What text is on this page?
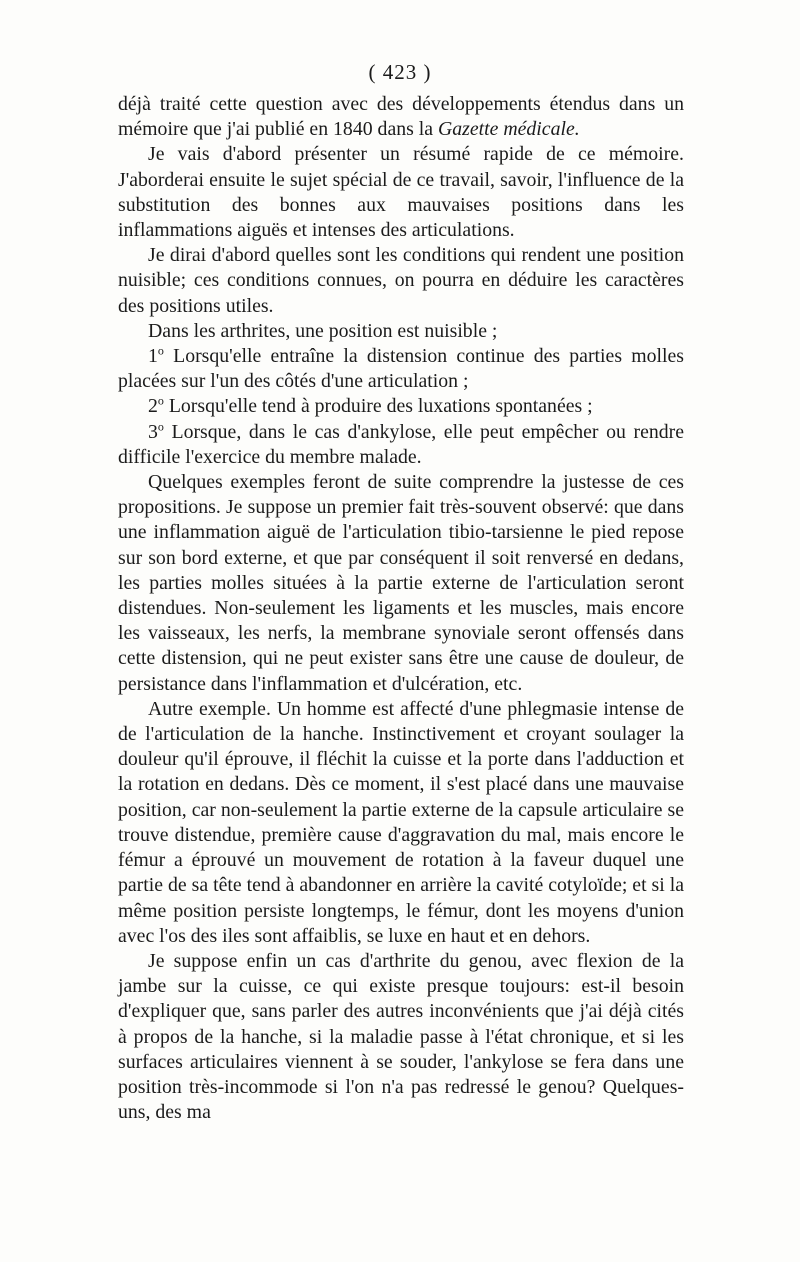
( 423 )

déjà traité cette question avec des développements étendus dans un mémoire que j'ai publié en 1840 dans la Gazette médicale.

Je vais d'abord présenter un résumé rapide de ce mémoire. J'aborderai ensuite le sujet spécial de ce travail, savoir, l'influence de la substitution des bonnes aux mauvaises positions dans les inflammations aiguës et intenses des articulations.

Je dirai d'abord quelles sont les conditions qui rendent une position nuisible; ces conditions connues, on pourra en déduire les caractères des positions utiles.

Dans les arthrites, une position est nuisible ;

1$^o$ Lorsqu'elle entraîne la distension continue des parties molles placées sur l'un des côtés d'une articulation ;

2$^o$ Lorsqu'elle tend à produire des luxations spontanées ;

3$^o$ Lorsque, dans le cas d'ankylose, elle peut empêcher ou rendre difficile l'exercice du membre malade.

Quelques exemples feront de suite comprendre la justesse de ces propositions. Je suppose un premier fait très-souvent observé: que dans une inflammation aiguë de l'articulation tibio-tarsienne le pied repose sur son bord externe, et que par conséquent il soit renversé en dedans, les parties molles situées à la partie externe de l'articulation seront distendues. Non-seulement les ligaments et les muscles, mais encore les vaisseaux, les nerfs, la membrane synoviale seront offensés dans cette distension, qui ne peut exister sans être une cause de douleur, de persistance dans l'inflammation et d'ulcération, etc.

Autre exemple. Un homme est affecté d'une phlegmasie intense de de l'articulation de la hanche. Instinctivement et croyant soulager la douleur qu'il éprouve, il fléchit la cuisse et la porte dans l'adduction et la rotation en dedans. Dès ce moment, il s'est placé dans une mauvaise position, car non-seulement la partie externe de la capsule articulaire se trouve distendue, première cause d'aggravation du mal, mais encore le fémur a éprouvé un mouvement de rotation à la faveur duquel une partie de sa tête tend à abandonner en arrière la cavité cotyloïde; et si la même position persiste longtemps, le fémur, dont les moyens d'union avec l'os des iles sont affaiblis, se luxe en haut et en dehors.

Je suppose enfin un cas d'arthrite du genou, avec flexion de la jambe sur la cuisse, ce qui existe presque toujours: est-il besoin d'expliquer que, sans parler des autres inconvénients que j'ai déjà cités à propos de la hanche, si la maladie passe à l'état chronique, et si les surfaces articulaires viennent à se souder, l'ankylose se fera dans une position très-incommode si l'on n'a pas redressé le genou? Quelques-uns, des ma
